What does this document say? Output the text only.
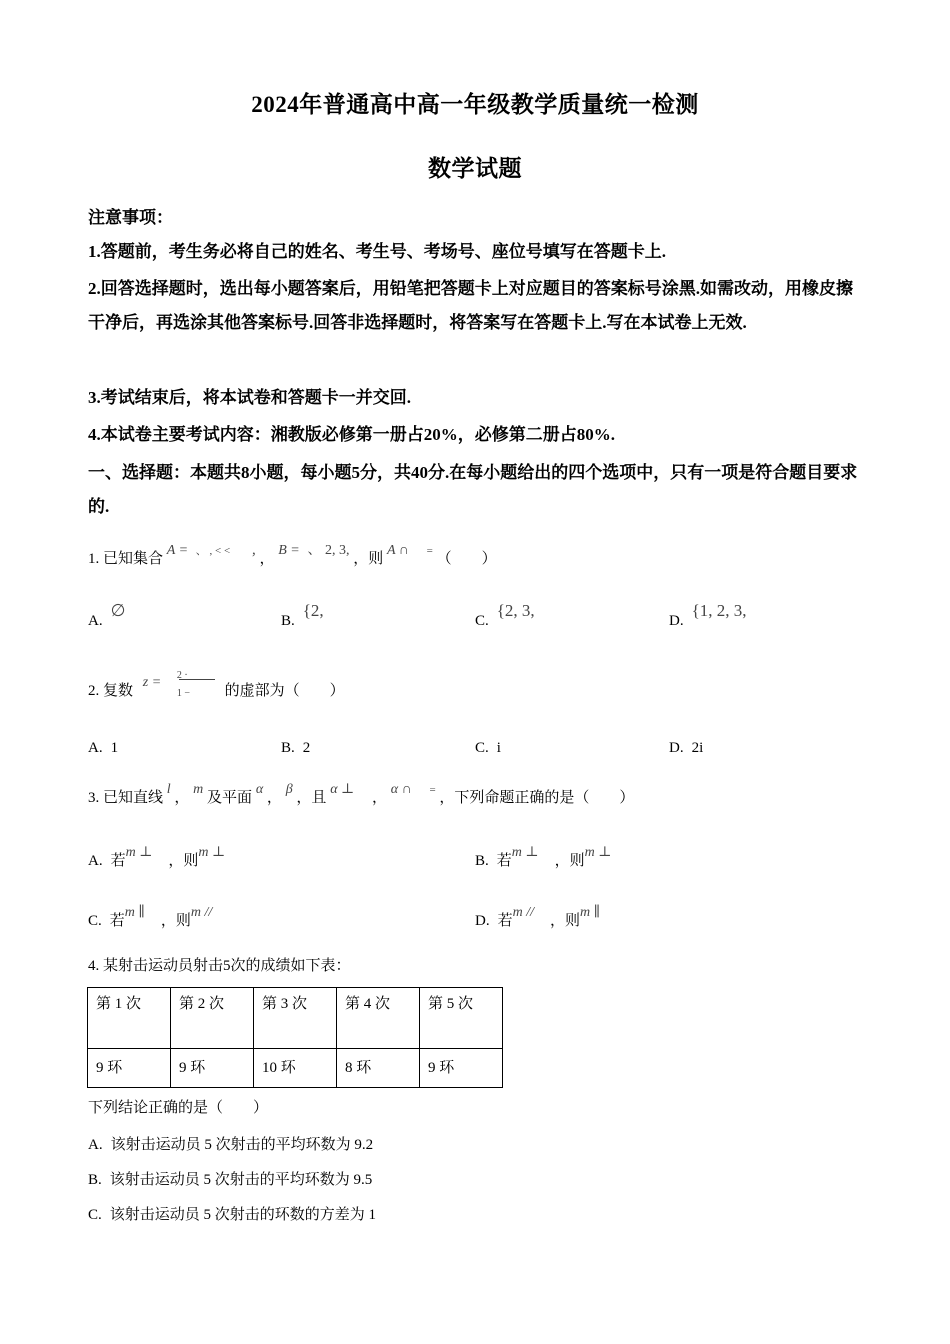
2024年普通高中高一年级教学质量统一检测
数学试题
注意事项：
1.答题前，考生务必将自己的姓名、考生号、考场号、座位号填写在答题卡上.
2.回答选择题时，选出每小题答案后，用铅笔把答题卡上对应题目的答案标号涂黑.如需改动，用橡皮擦干净后，再选涂其他答案标号.回答非选择题时，将答案写在答题卡上.写在本试卷上无效.
3.考试结束后，将本试卷和答题卡一并交回.
4.本试卷主要考试内容：湘教版必修第一册占20%，必修第二册占80%.
一、选择题：本题共8小题，每小题5分，共40分.在每小题给出的四个选项中，只有一项是符合题目要求的.
1. 已知集合 A = 、 , < < , ， B = 、 2, 3, ，则 A ∩ = （　　）
A.∅
B.{2,
C.{2, 3,
D.{1, 2, 3,
2. 复数 $z = \frac{2 \cdot}{1 -}$ 的虚部为（　　）
A. 1	B. 2	C. i	D. 2i
3. 已知直线 l ， m 及平面 α ， β ，且 α ⊥ ， α ∩ = ，下列命题正确的是（　　）
A. 若m ⊥，则m ⊥
B. 若m ⊥，则m ⊥
C. 若m ∥，则m //
D. 若m //，则m ∥
4. 某射击运动员射击5次的成绩如下表：
第 1 次	第 2 次	第 3 次	第 4 次	第 5 次
9 环	9 环	10 环	8 环	9 环
下列结论正确的是（　　）
A. 该射击运动员 5 次射击的平均环数为 9.2
B. 该射击运动员 5 次射击的平均环数为 9.5
C. 该射击运动员 5 次射击的环数的方差为 1
